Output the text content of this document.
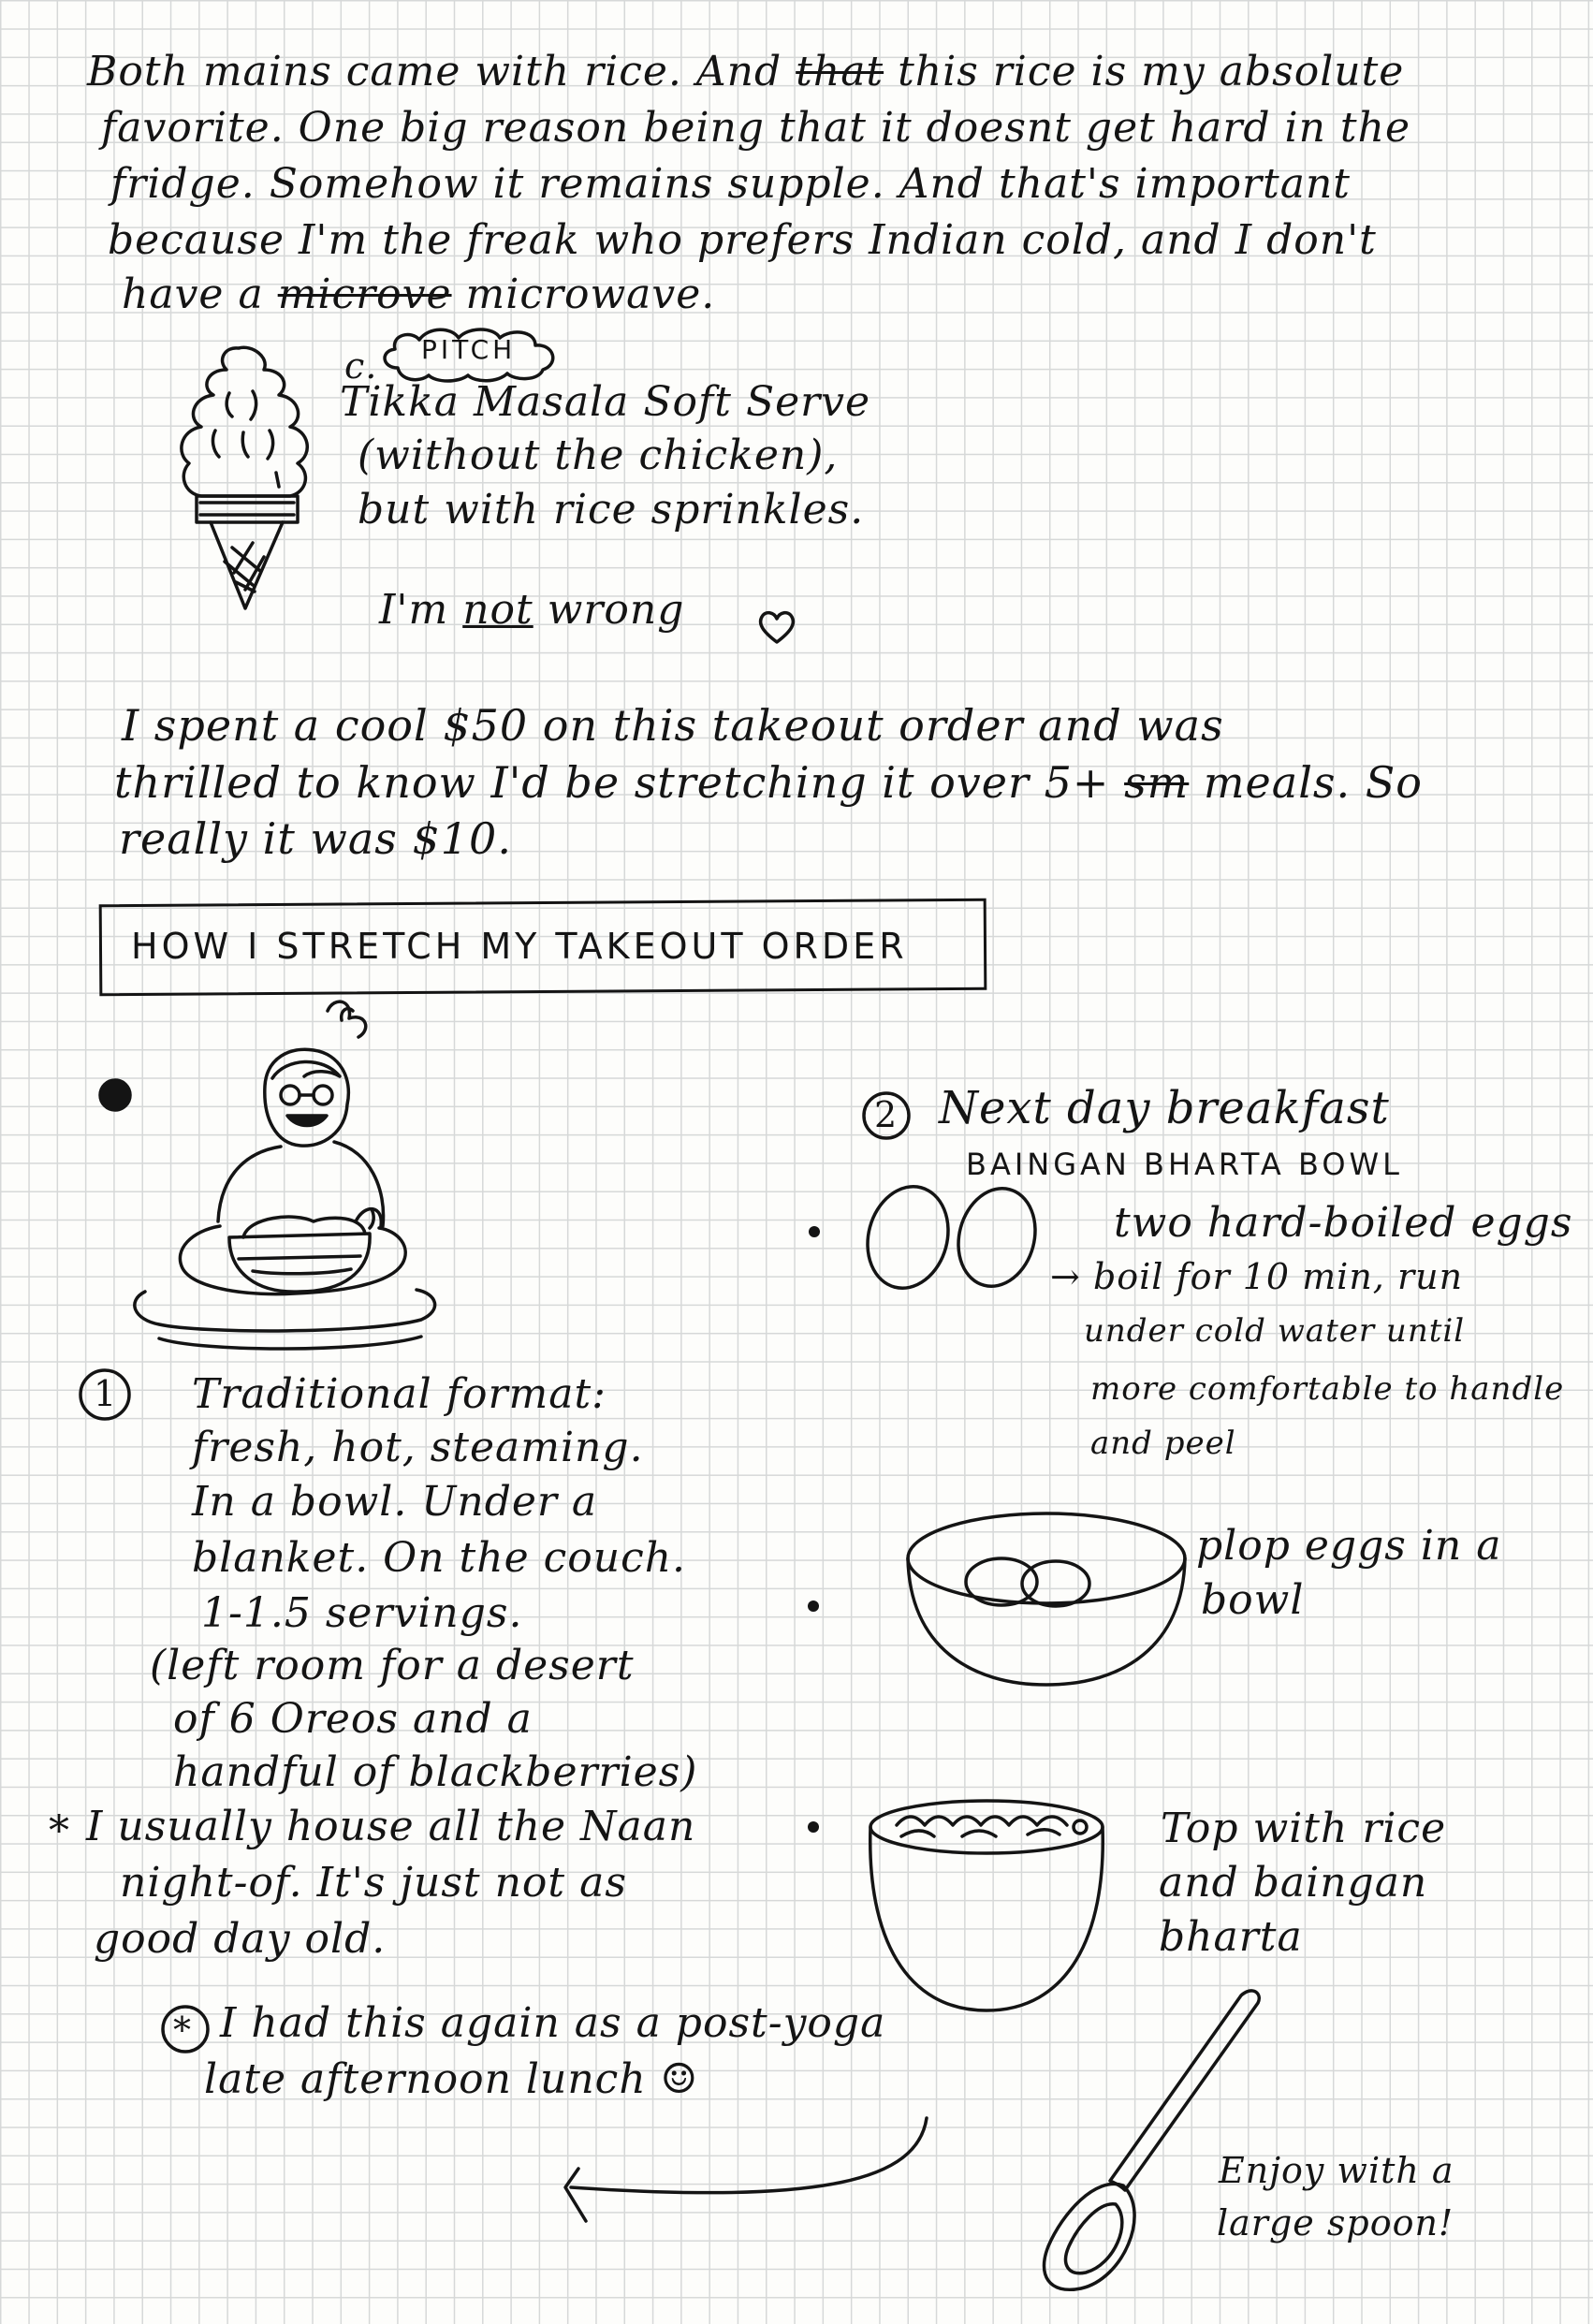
Both mains came with rice. And that this rice is my absolute
favorite. One big reason being that it doesnt get hard in the
fridge. Somehow it remains supple. And that's important
because I'm the freak who prefers Indian cold, and I don't
have a microve microwave.
c. PITCH
Tikka Masala Soft Serve
(without the chicken),
but with rice sprinkles.
I'm not wrong
I spent a cool $50 on this takeout order and was
thrilled to know I'd be stretching it over 5+ sm meals. So
really it was $10.
HOW I STRETCH MY TAKEOUT ORDER
1 Traditional format:
fresh, hot, steaming.
In a bowl. Under a
blanket. On the couch.
1-1.5 servings.
(left room for a desert
of 6 Oreos and a
handful of blackberries)
* I usually house all the Naan
night-of. It's just not as
good day old.
* I had this again as a post-yoga
late afternoon lunch ☺
2 Next day breakfast
BAINGAN BHARTA BOWL
two hard-boiled eggs
→ boil for 10 min, run
under cold water until
more comfortable to handle
and peel
plop eggs in a
bowl
Top with rice
and baingan
bharta
Enjoy with a
large spoon!
